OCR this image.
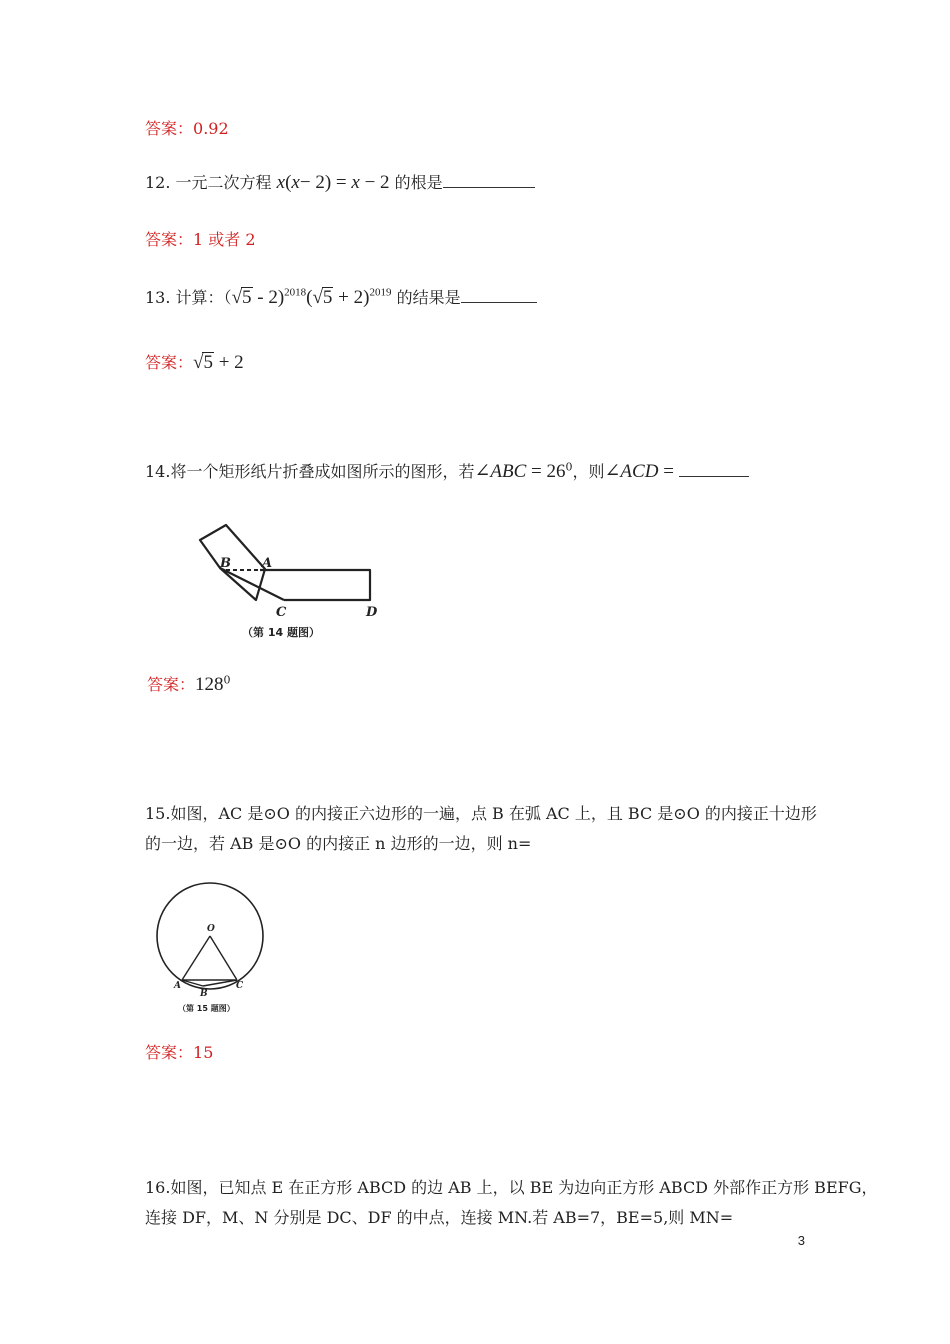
答案：0.92
12. 一元二次方程 x(x− 2) = x − 2 的根是
答案：1 或者 2
13. 计算：$(√5 - 2)^{2018}(√5 + 2)^{2019}$ 的结果是
答案：√5 + 2
14.将一个矩形纸片折叠成如图所示的图形，若∠ABC = $26^0$，则∠ACD =
B A
C	D
（第 14 题图）
答案：$128^0$
15.如图，AC 是⊙O 的内接正六边形的一遍，点 B 在弧 AC 上，且 BC 是⊙O 的内接正十边形
的一边，若 AB 是⊙O 的内接正 n 边形的一边，则 n=
O
A
B
C
（第 15 题图）
答案：15
16.如图，已知点 E 在正方形 ABCD 的边 AB 上，以 BE 为边向正方形 ABCD 外部作正方形 BEFG，
连接 DF，M、N 分别是 DC、DF 的中点，连接 MN.若 AB=7，BE=5,则 MN=
3
